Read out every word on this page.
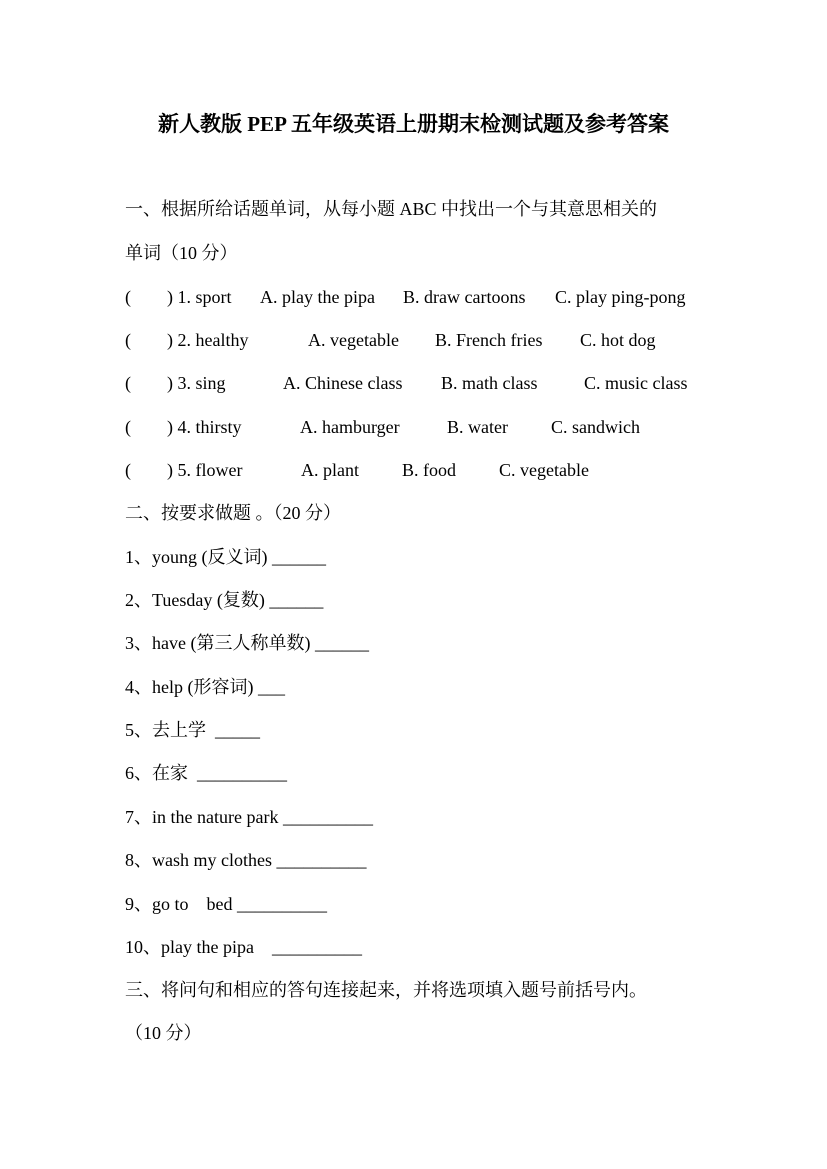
新人教版 PEP 五年级英语上册期末检测试题及参考答案
一、根据所给话题单词，从每小题 ABC 中找出一个与其意思相关的
单词（10 分）
(        ) 1. sport A. play the pipa B. draw cartoons C. play ping-pong
(        ) 2. healthy	A. vegetable B. French fries C. hot dog
(        ) 3. sing	A. Chinese class B. math class	C. music class
(        ) 4. thirsty	A. hamburger	B. water C. sandwich
(        ) 5. flower	A. plant B. food C. vegetable
二、按要求做题 。（20 分）
1、young (反义词) ______
2、Tuesday (复数) ______
3、have (第三人称单数) ______
4、help (形容词) ___
5、去上学  _____
6、在家  __________
7、in the nature park __________
8、wash my clothes __________
9、go to    bed __________
10、play the pipa    __________
三、将问句和相应的答句连接起来，并将选项填入题号前括号内。
（10 分）
